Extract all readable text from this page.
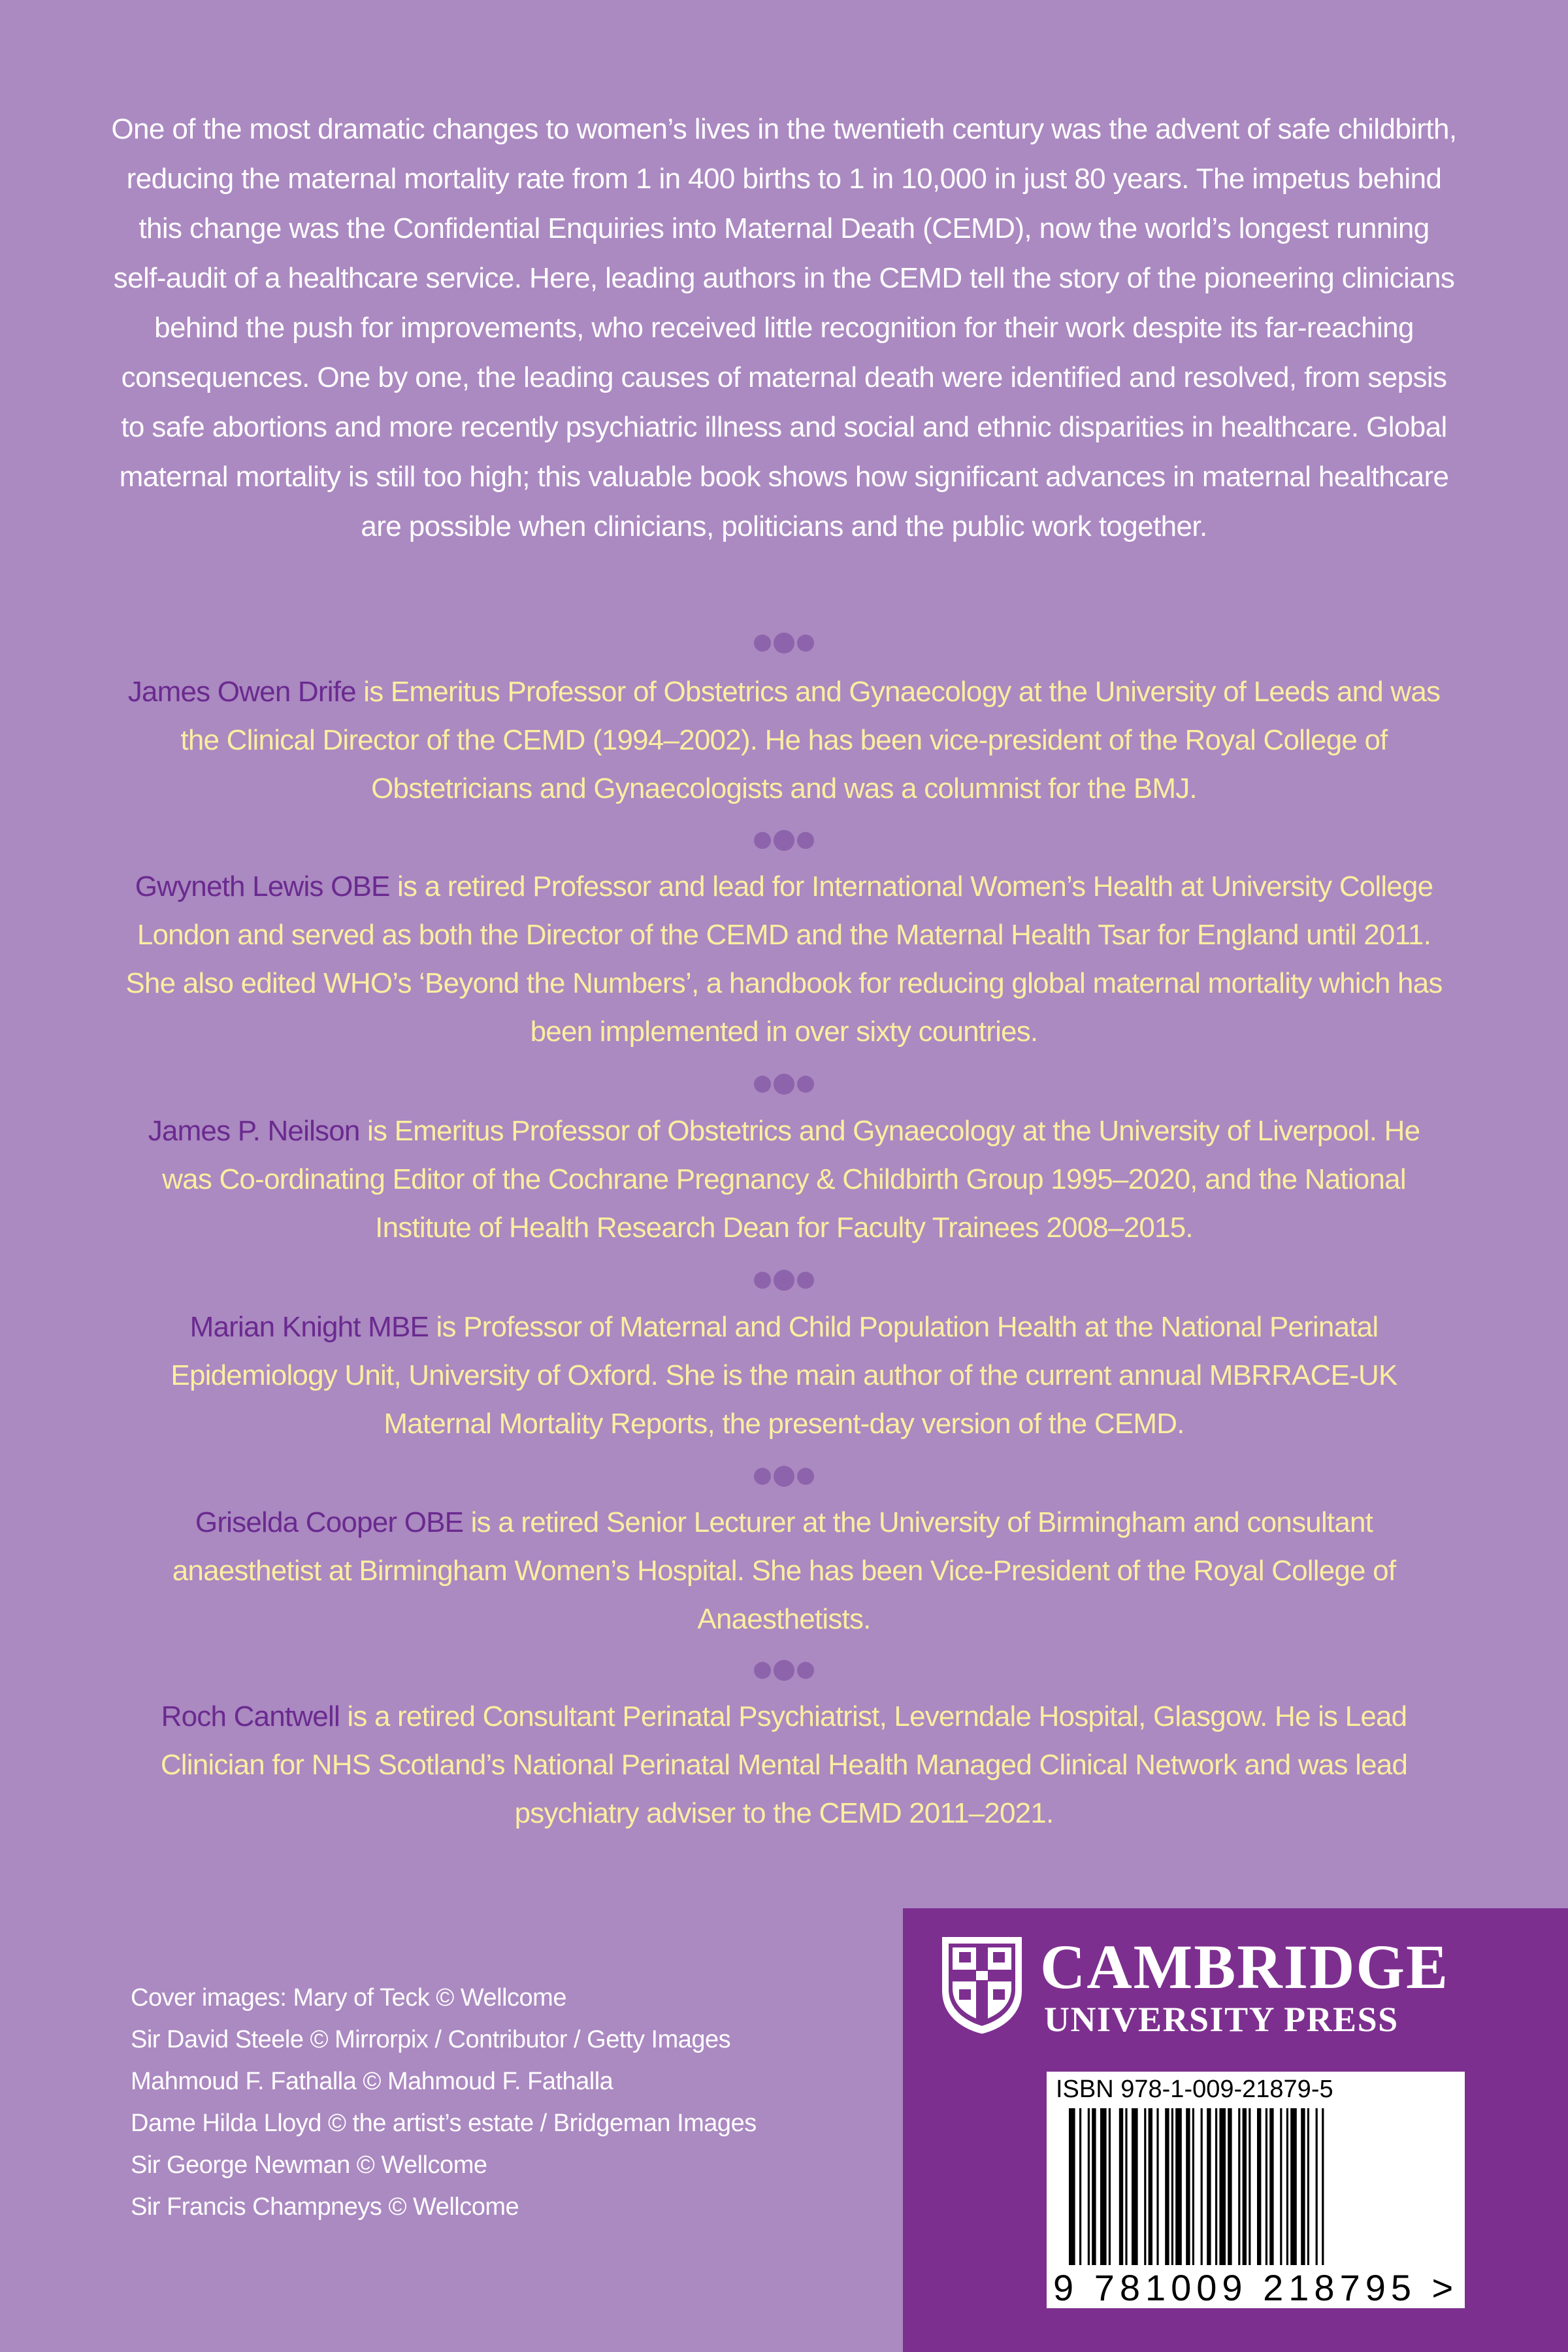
One of the most dramatic changes to women’s lives in the twentieth century was the advent of safe childbirth, reducing the maternal mortality rate from 1 in 400 births to 1 in 10,000 in just 80 years. The impetus behind this change was the Confidential Enquiries into Maternal Death (CEMD), now the world’s longest running self-audit of a healthcare service. Here, leading authors in the CEMD tell the story of the pioneering clinicians behind the push for improvements, who received little recognition for their work despite its far-reaching consequences. One by one, the leading causes of maternal death were identified and resolved, from sepsis to safe abortions and more recently psychiatric illness and social and ethnic disparities in healthcare. Global maternal mortality is still too high; this valuable book shows how significant advances in maternal healthcare are possible when clinicians, politicians and the public work together.
James Owen Drife is Emeritus Professor of Obstetrics and Gynaecology at the University of Leeds and was the Clinical Director of the CEMD (1994–2002). He has been vice-president of the Royal College of Obstetricians and Gynaecologists and was a columnist for the BMJ.
Gwyneth Lewis OBE is a retired Professor and lead for International Women’s Health at University College London and served as both the Director of the CEMD and the Maternal Health Tsar for England until 2011. She also edited WHO’s ‘Beyond the Numbers’, a handbook for reducing global maternal mortality which has been implemented in over sixty countries.
James P. Neilson is Emeritus Professor of Obstetrics and Gynaecology at the University of Liverpool. He was Co-ordinating Editor of the Cochrane Pregnancy & Childbirth Group 1995–2020, and the National Institute of Health Research Dean for Faculty Trainees 2008–2015.
Marian Knight MBE is Professor of Maternal and Child Population Health at the National Perinatal Epidemiology Unit, University of Oxford. She is the main author of the current annual MBRRACE-UK Maternal Mortality Reports, the present-day version of the CEMD.
Griselda Cooper OBE is a retired Senior Lecturer at the University of Birmingham and consultant anaesthetist at Birmingham Women’s Hospital. She has been Vice-President of the Royal College of Anaesthetists.
Roch Cantwell is a retired Consultant Perinatal Psychiatrist, Leverndale Hospital, Glasgow. He is Lead Clinician for NHS Scotland’s National Perinatal Mental Health Managed Clinical Network and was lead psychiatry adviser to the CEMD 2011–2021.
Cover images: Mary of Teck © Wellcome
Sir David Steele © Mirrorpix / Contributor / Getty Images
Mahmoud F. Fathalla © Mahmoud F. Fathalla
Dame Hilda Lloyd © the artist’s estate / Bridgeman Images
Sir George Newman © Wellcome
Sir Francis Champneys © Wellcome
CAMBRIDGE
UNIVERSITY PRESS
ISBN 978-1-009-21879-5
9 781009 218795 >
